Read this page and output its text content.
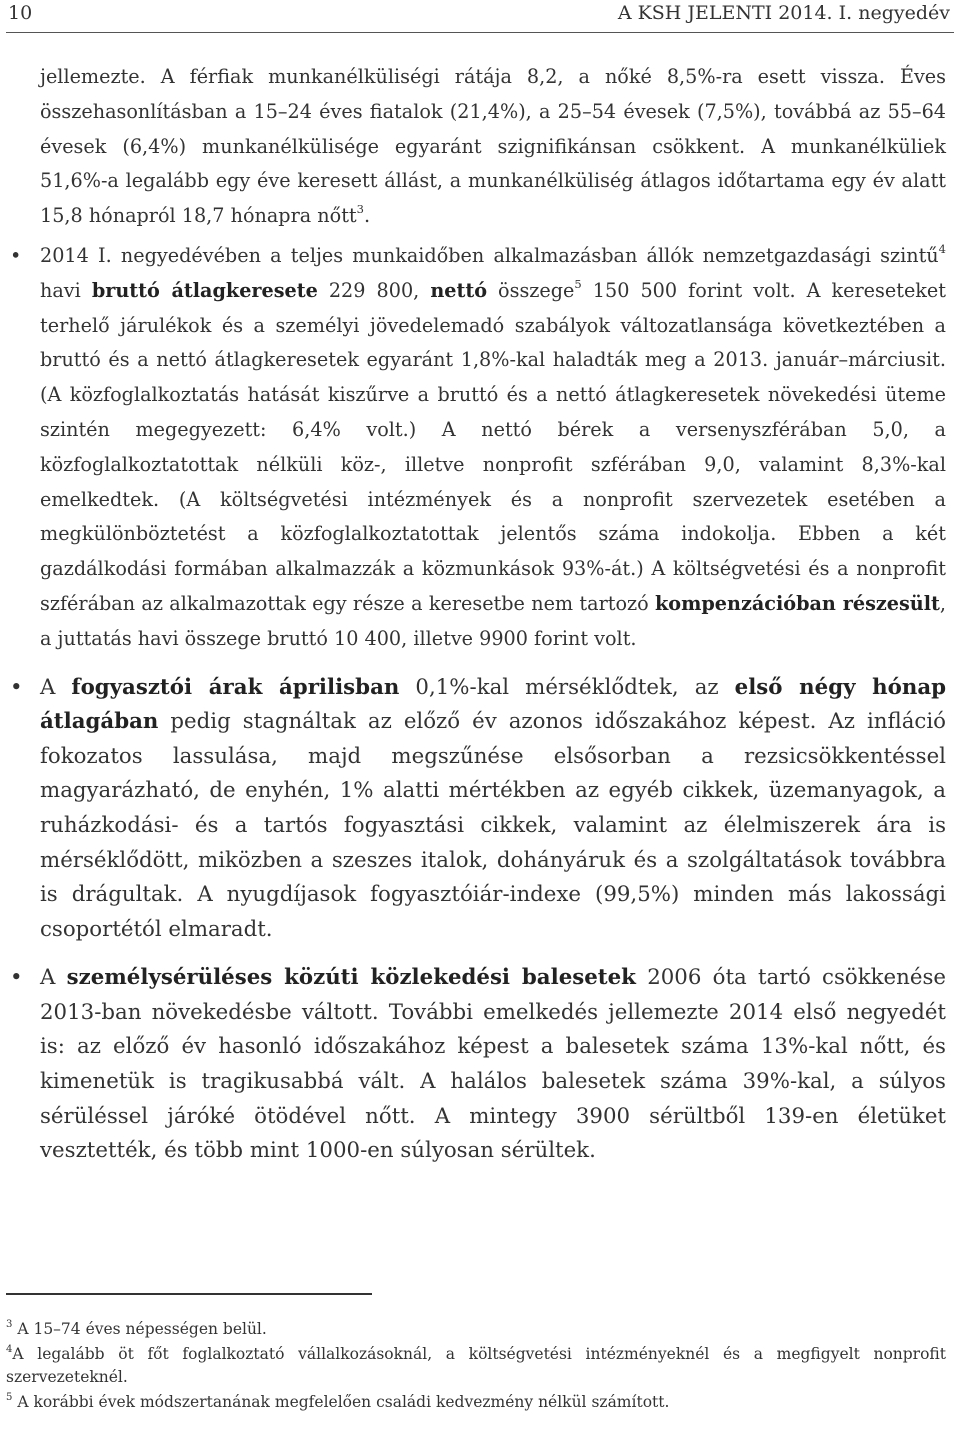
10	A KSH JELENTI 2014. I. negyedév

jellemezte. A férfiak munkanélküliségi rátája 8,2, a nőké 8,5%-ra esett vissza. Éves összehasonlításban a 15–24 éves fiatalok (21,4%), a 25–54 évesek (7,5%), továbbá az 55–64 évesek (6,4%) munkanélkülisége egyaránt szignifikánsan csökkent. A munkanélküliek 51,6%-a legalább egy éve keresett állást, a munkanélküliség átlagos időtartama egy év alatt 15,8 hónapról 18,7 hónapra nőtt$^3$.

• 2014 I. negyedévében a teljes munkaidőben alkalmazásban állók nemzetgazdasági szintű$^4$ havi bruttó átlagkeresete 229 800, nettó összege$^5$ 150 500 forint volt. A kereseteket terhelő járulékok és a személyi jövedelemadó szabályok változatlansága következtében a bruttó és a nettó átlagkeresetek egyaránt 1,8%-kal haladták meg a 2013. január–márciusit. (A közfoglalkoztatás hatását kiszűrve a bruttó és a nettó átlagkeresetek növekedési üteme szintén megegyezett: 6,4% volt.) A nettó bérek a versenyszférában 5,0, a közfoglalkoztatottak nélküli köz-, illetve nonprofit szférában 9,0, valamint 8,3%-kal emelkedtek. (A költségvetési intézmények és a nonprofit szervezetek esetében a megkülönböztetést a közfoglalkoztatottak jelentős száma indokolja. Ebben a két gazdálkodási formában alkalmazzák a közmunkások 93%-át.) A költségvetési és a nonprofit szférában az alkalmazottak egy része a keresetbe nem tartozó kompenzációban részesült, a juttatás havi összege bruttó 10 400, illetve 9900 forint volt.

• A fogyasztói árak áprilisban 0,1%-kal mérséklődtek, az első négy hónap átlagában pedig stagnáltak az előző év azonos időszakához képest. Az infláció fokozatos lassulása, majd megszűnése elsősorban a rezsicsökkentéssel magyarázható, de enyhén, 1% alatti mértékben az egyéb cikkek, üzemanyagok, a ruházkodási- és a tartós fogyasztási cikkek, valamint az élelmiszerek ára is mérséklődött, miközben a szeszes italok, dohányáruk és a szolgáltatások továbbra is drágultak. A nyugdíjasok fogyasztóiár-indexe (99,5%) minden más lakossági csoportétól elmaradt.

• A személysérüléses közúti közlekedési balesetek 2006 óta tartó csökkenése 2013-ban növekedésbe váltott. További emelkedés jellemezte 2014 első negyedét is: az előző év hasonló időszakához képest a balesetek száma 13%-kal nőtt, és kimenetük is tragikusabbá vált. A halálos balesetek száma 39%-kal, a súlyos sérüléssel járóké ötödével nőtt. A mintegy 3900 sérültből 139-en életüket vesztették, és több mint 1000-en súlyosan sérültek.

$^3$ A 15–74 éves népességen belül.

$^4$A legalább öt főt foglalkoztató vállalkozásoknál, a költségvetési intézményeknél és a megfigyelt nonprofit szervezeteknél.

$^5$ A korábbi évek módszertanának megfelelően családi kedvezmény nélkül számított.
